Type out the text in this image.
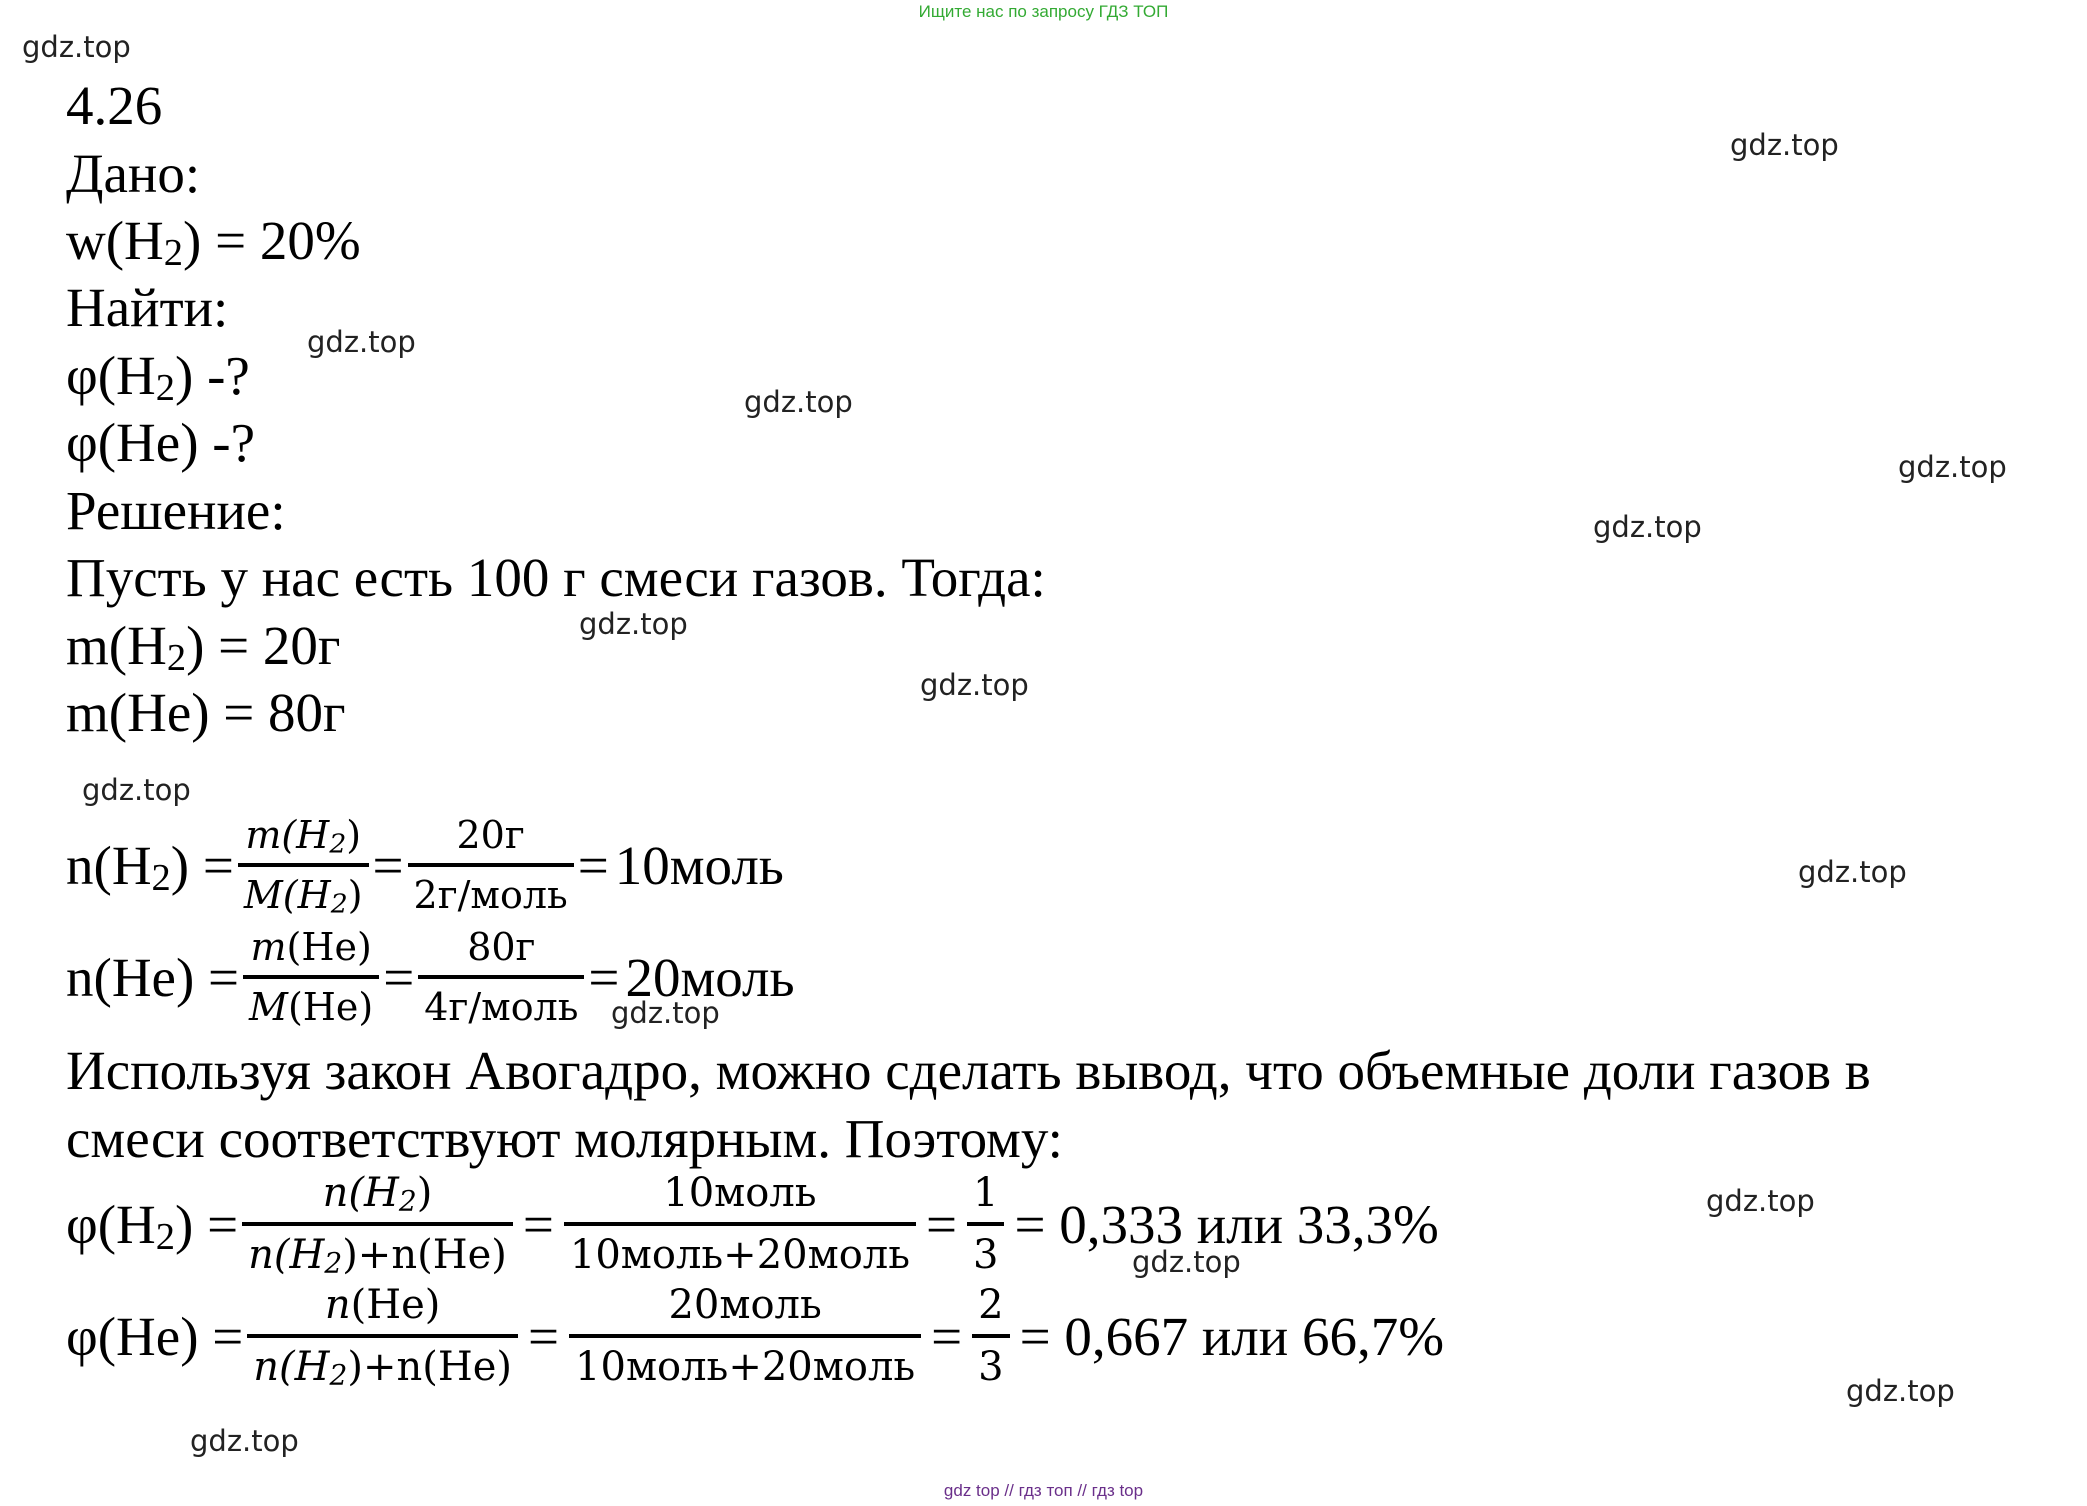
Ищите нас по запросу ГДЗ ТОП
gdz.top
gdz.top
gdz.top
gdz.top
gdz.top
gdz.top
gdz.top
gdz.top
gdz.top
gdz.top
gdz.top
gdz.top
gdz.top
gdz.top
gdz.top
4.26
Дано:
$w(H_2) = 20\%$
Найти:
$\varphi(H_2)$ -?
φ(He) -?
Решение:
Пусть у нас есть 100 г смеси газов. Тогда:
$m(H_2) = 20г$
m(He) = 80г
$n(H_2) = \frac{m(H_2)}{M(H_2)} = \frac{20г}{\text{2г/моль}}$ = 10моль
$n(He) = \frac{m(He)}{M(He)} = \frac{80г}{\text{4г/моль}}$ = 20моль
Используя закон Авогадро, можно сделать вывод, что объемные доли газов в
смеси соответствуют молярным. Поэтому:
$\varphi(H_2) = \frac{n(H_2)}{n(H_2)+n(He)} = \frac{\text{10моль}}{\text{10моль+20моль}} = \frac{1}{3} = 0,333$ или 33,3%
$\varphi(He) = \frac{n(He)}{n(H_2)+n(He)} = \frac{\text{20моль}}{\text{10моль+20моль}} = \frac{2}{3} = 0,667$ или 66,7%
gdz top // гдз топ // гдз top
